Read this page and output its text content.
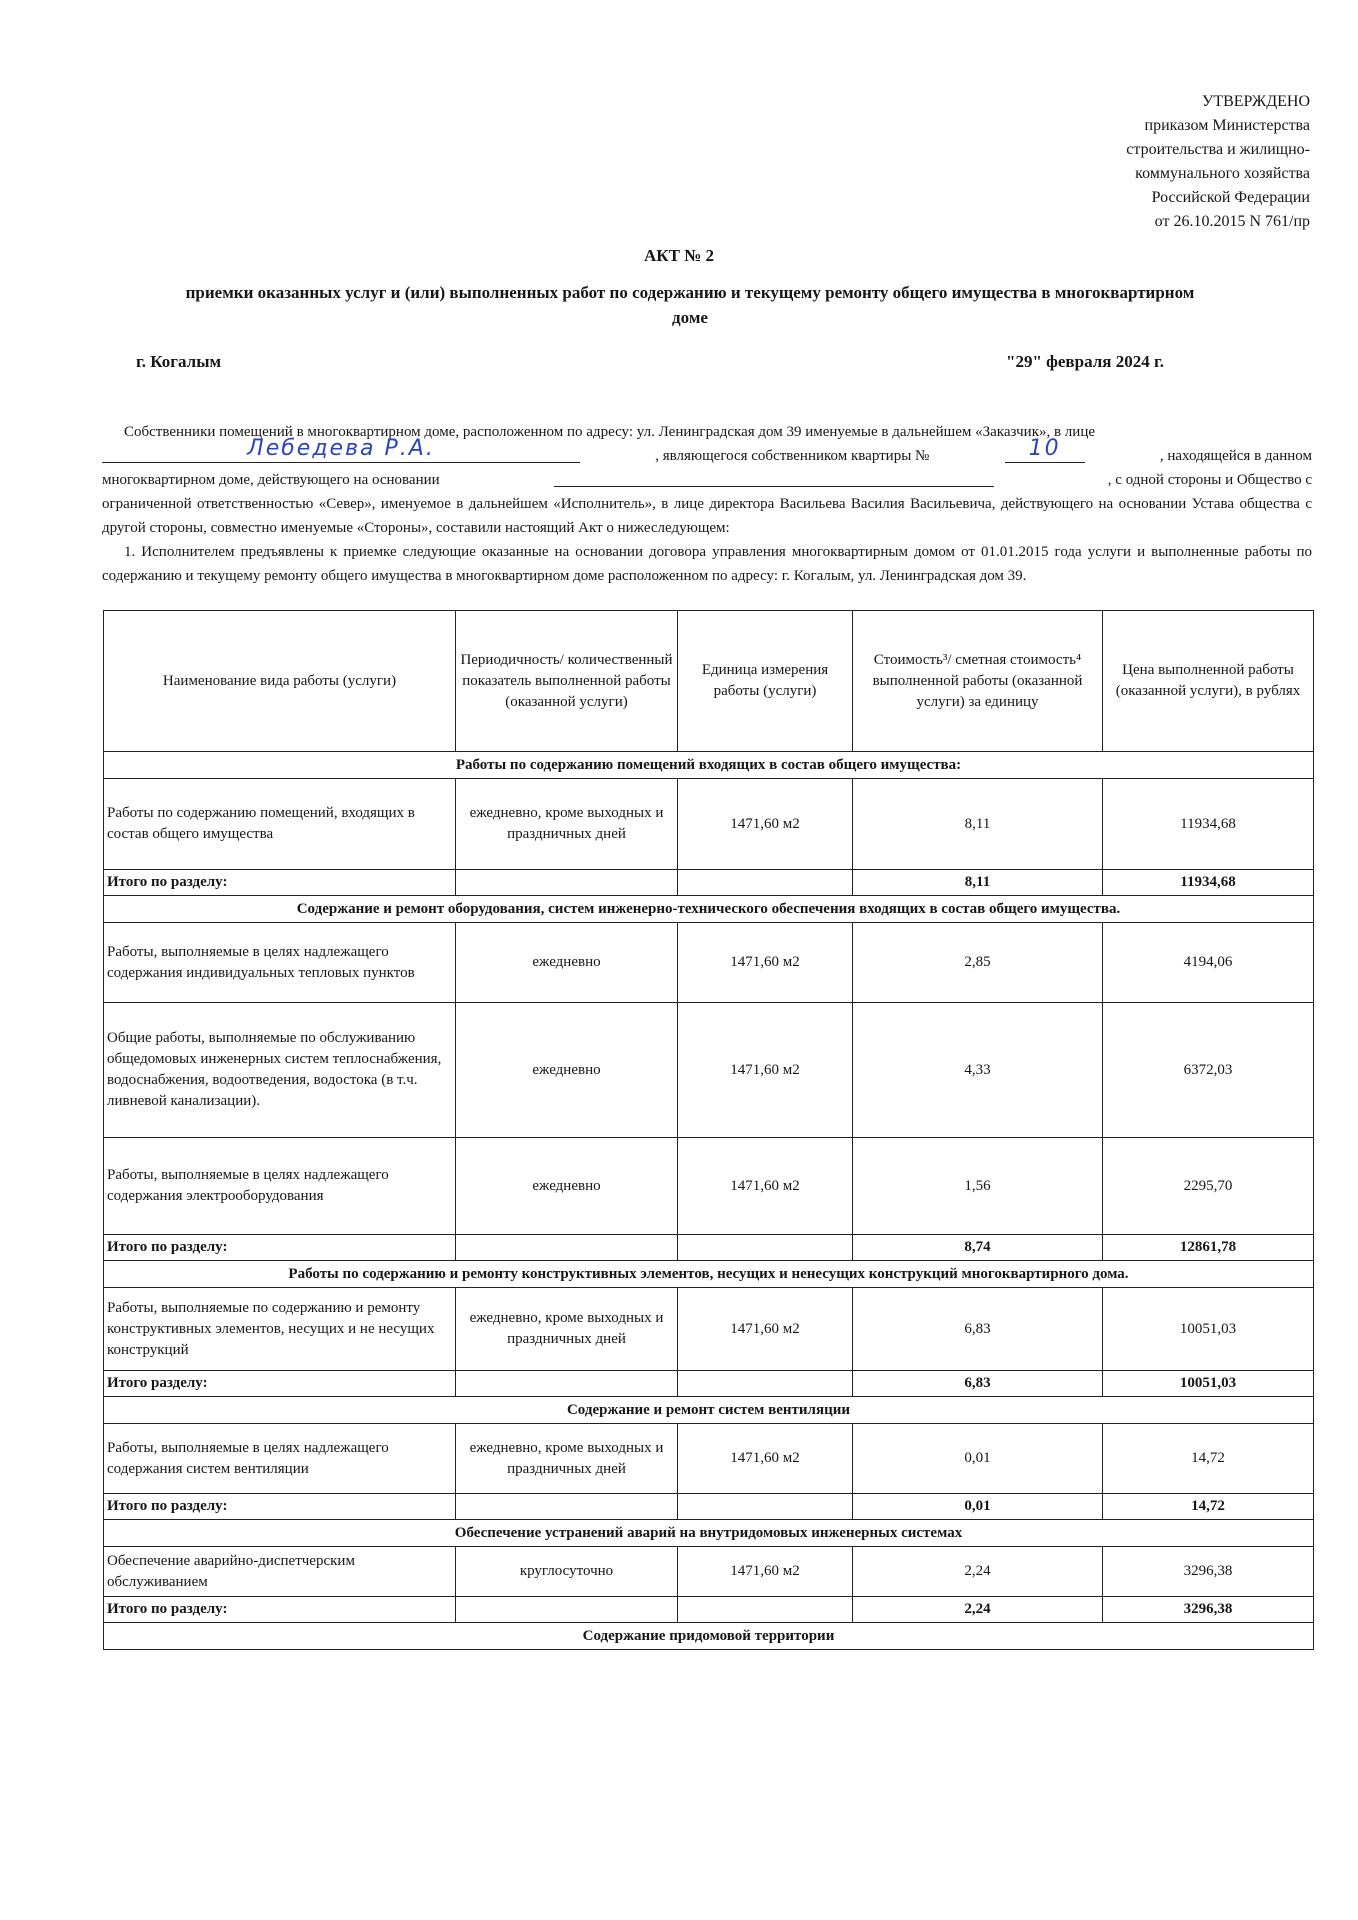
УТВЕРЖДЕНО
приказом Министерства
строительства и жилищно-
коммунального хозяйства
Российской Федерации
от 26.10.2015 N 761/пр
АКТ № 2
приемки оказанных услуг и (или) выполненных работ по содержанию и текущему ремонту общего имущества в многоквартирном доме
г. Когалым	"29" февраля 2024 г.

Собственники помещений в многоквартирном доме, расположенном по адресу: ул. Ленинградская дом 39 именуемые в дальнейшем «Заказчик», в лице

Лебедева Р.А.	, являющегося собственником квартиры №	10	, находящейся в данном

многоквартирном доме, действующего на основании	, с одной стороны и Общество с

ограниченной ответственностью «Север», именуемое в дальнейшем «Исполнитель», в лице директора Васильева Василия Васильевича, действующего на основании Устава общества с другой стороны, совместно именуемые «Стороны», составили настоящий Акт о нижеследующем:

1. Исполнителем предъявлены к приемке следующие оказанные на основании договора управления многоквартирным домом от 01.01.2015 года услуги и выполненные работы по содержанию и текущему ремонту общего имущества в многоквартирном доме расположенном по адресу: г. Когалым, ул. Ленинградская дом 39.

Наименование вида работы (услуги)	Периодичность/ количественный показатель выполненной работы (оказанной услуги)	Единица измерения работы (услуги)	Стоимость³/ сметная стоимость⁴ выполненной работы (оказанной услуги) за единицу	Цена выполненной работы (оказанной услуги), в рублях
Работы по содержанию помещений входящих в состав общего имущества:				
Работы по содержанию помещений, входящих в состав общего имущества	ежедневно, кроме выходных и праздничных дней	1471,60 м2	8,11	11934,68
Итого по разделу:			8,11	11934,68
Содержание и ремонт оборудования, систем инженерно-технического обеспечения входящих в состав общего имущества.				
Работы, выполняемые в целях надлежащего содержания индивидуальных тепловых пунктов	ежедневно	1471,60 м2	2,85	4194,06
Общие работы, выполняемые по обслуживанию общедомовых инженерных систем теплоснабжения, водоснабжения, водоотведения, водостока (в т.ч. ливневой канализации).	ежедневно	1471,60 м2	4,33	6372,03
Работы, выполняемые в целях надлежащего содержания электрооборудования	ежедневно	1471,60 м2	1,56	2295,70
Итого по разделу:			8,74	12861,78
Работы по содержанию и ремонту конструктивных элементов, несущих и ненесущих конструкций многоквартирного дома.				
Работы, выполняемые по содержанию и ремонту конструктивных элементов, несущих и не несущих конструкций	ежедневно, кроме выходных и праздничных дней	1471,60 м2	6,83	10051,03
Итого разделу:			6,83	10051,03
Содержание и ремонт систем вентиляции				
Работы, выполняемые в целях надлежащего содержания систем вентиляции	ежедневно, кроме выходных и праздничных дней	1471,60 м2	0,01	14,72
Итого по разделу:			0,01	14,72
Обеспечение устранений аварий на внутридомовых инженерных системах				
Обеспечение аварийно-диспетчерским обслуживанием	круглосуточно	1471,60 м2	2,24	3296,38
Итого по разделу:			2,24	3296,38
Содержание придомовой территории				
